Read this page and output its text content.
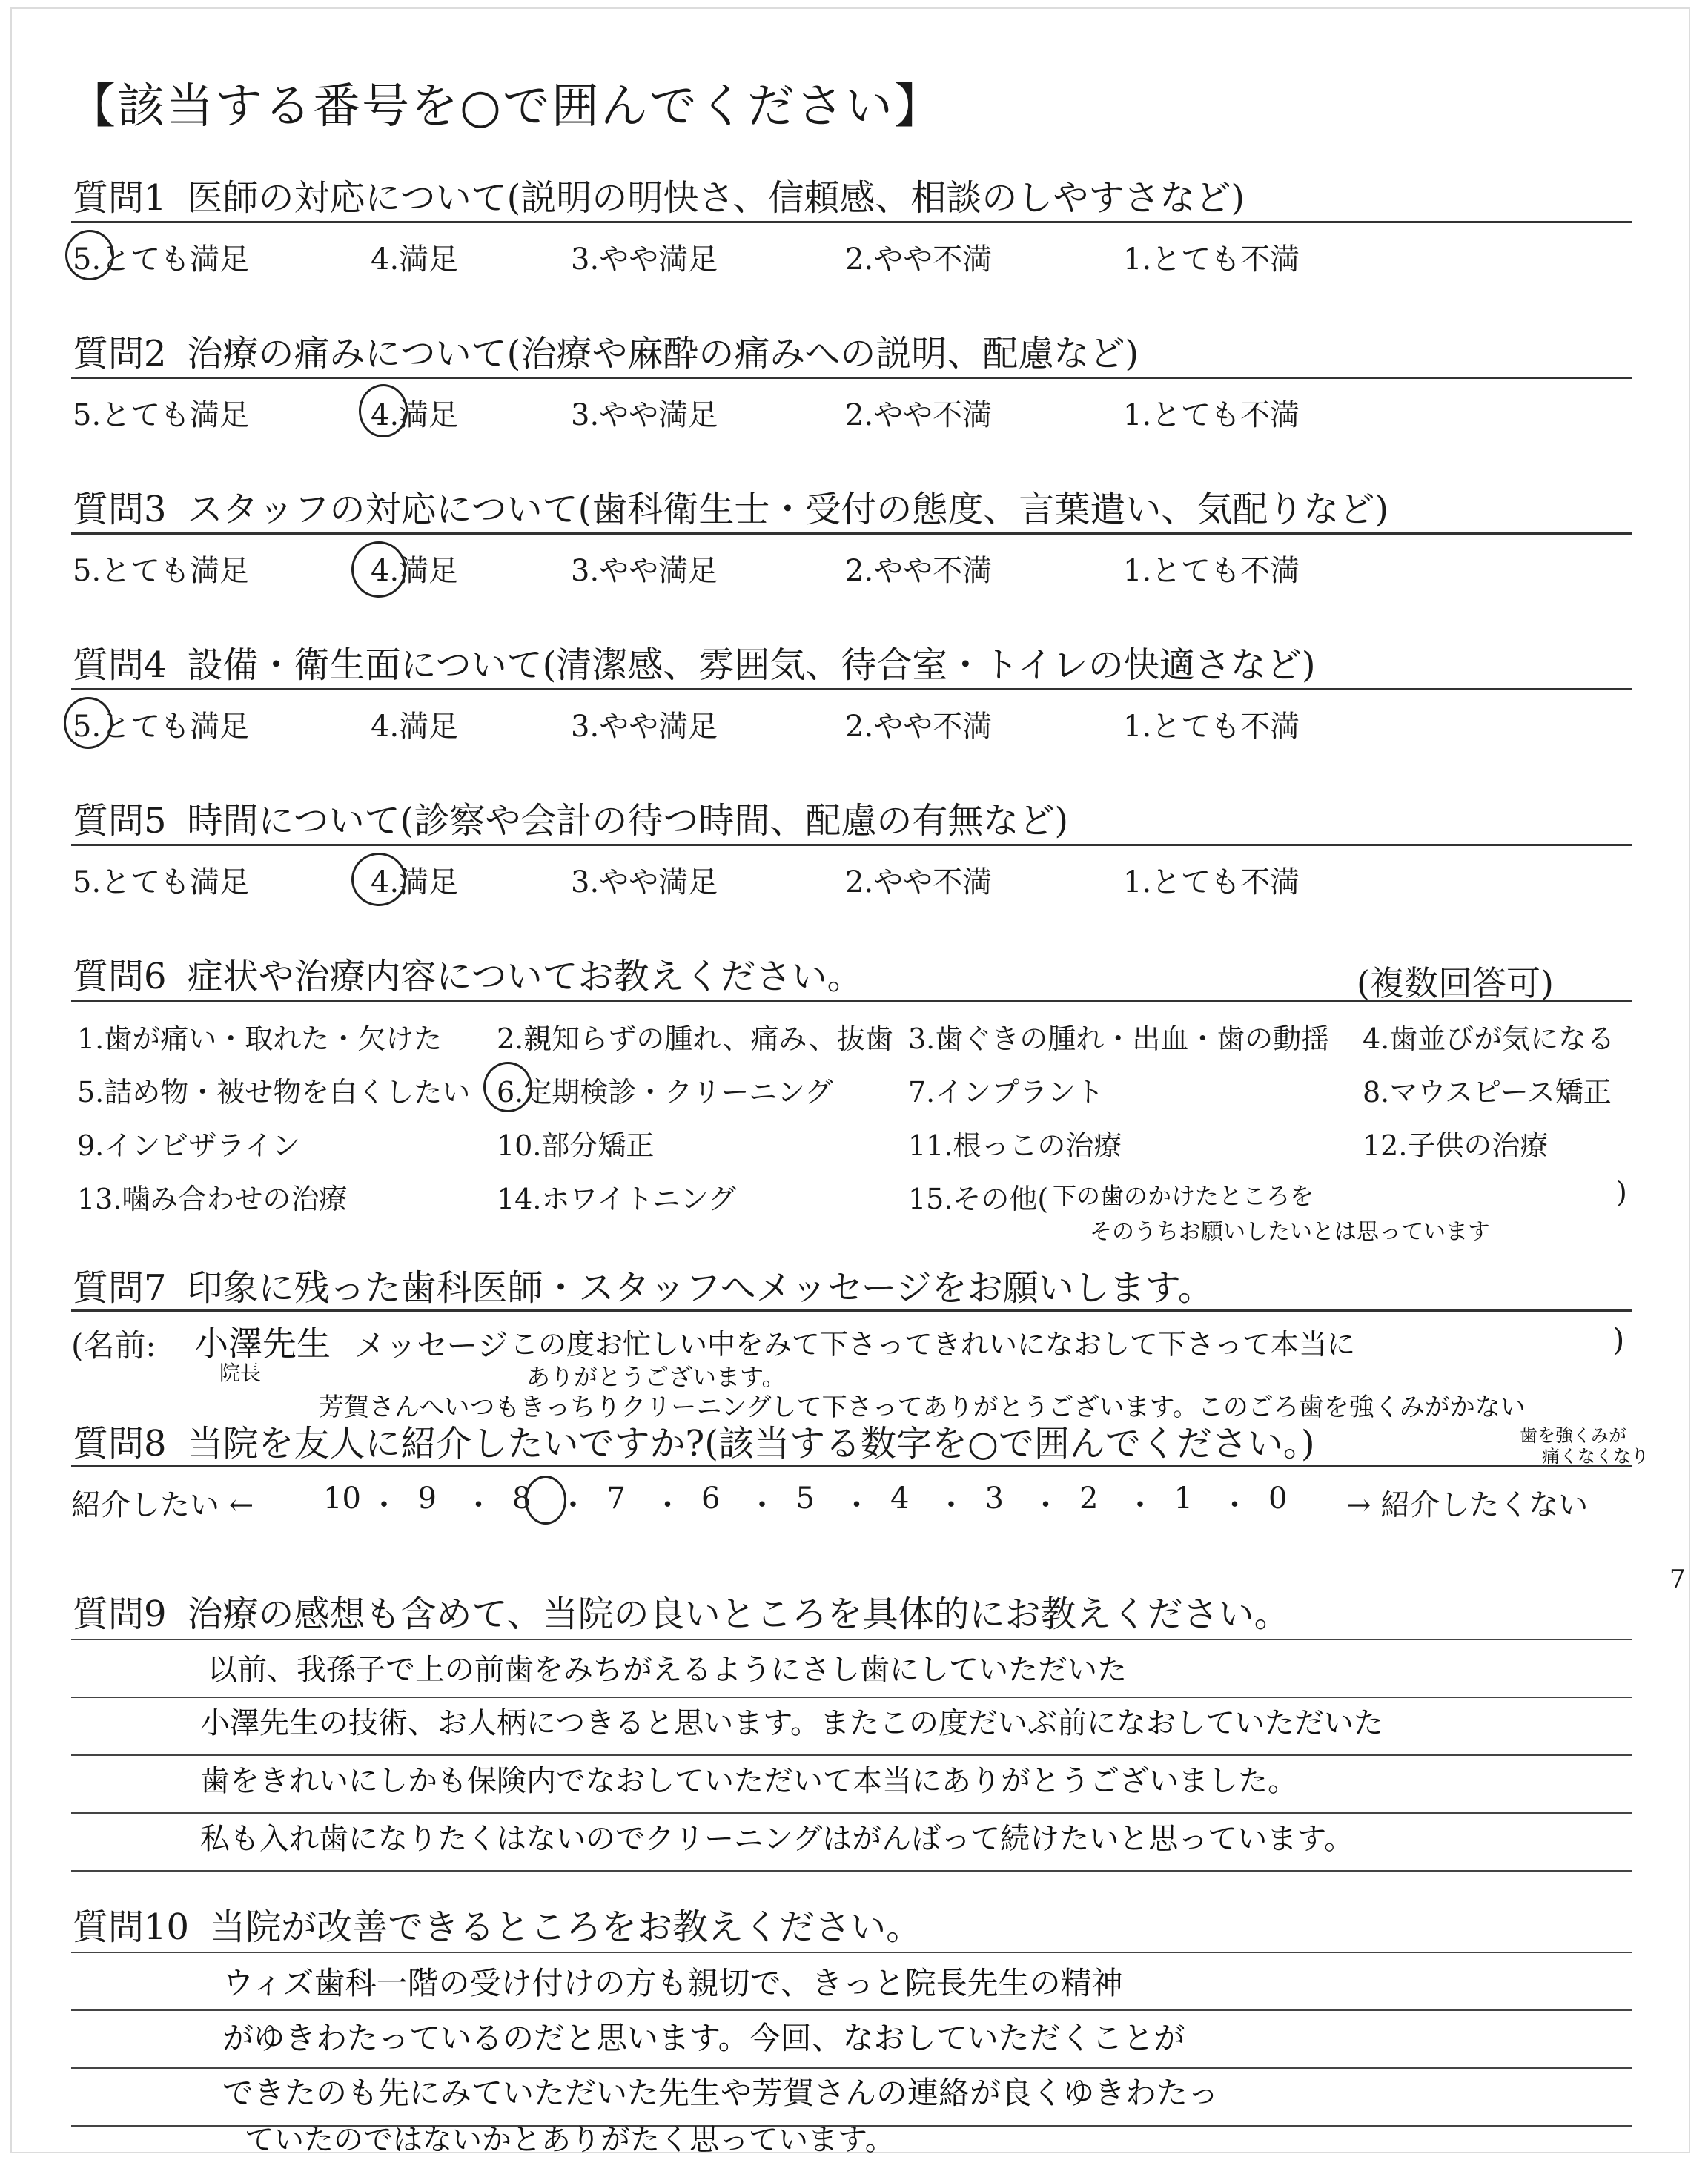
【該当する番号を○で囲んでください】
質問1 医師の対応について(説明の明快さ、信頼感、相談のしやすさなど)
5.とても満足	4.満足	3.やや満足	2.やや不満	1.とても不満
質問2 治療の痛みについて(治療や麻酔の痛みへの説明、配慮など)
5.とても満足	4.満足	3.やや満足	2.やや不満	1.とても不満
質問3 スタッフの対応について(歯科衛生士・受付の態度、言葉遣い、気配りなど)
5.とても満足	4.満足	3.やや満足	2.やや不満	1.とても不満
質問4 設備・衛生面について(清潔感、雰囲気、待合室・トイレの快適さなど)
5.とても満足	4.満足	3.やや満足	2.やや不満	1.とても不満
質問5 時間について(診察や会計の待つ時間、配慮の有無など)
5.とても満足	4.満足	3.やや満足	2.やや不満	1.とても不満
質問6 症状や治療内容についてお教えください。	(複数回答可)
1.歯が痛い・取れた・欠けた 2.親知らずの腫れ、痛み、抜歯 3.歯ぐきの腫れ・出血・歯の動揺 4.歯並びが気になる
5.詰め物・被せ物を白くしたい 6.定期検診・クリーニング	7.インプラント	8.マウスピース矯正
9.インビザライン	10.部分矯正	11.根っこの治療	12.子供の治療
13.噛み合わせの治療	14.ホワイトニング	15.その他(	)
下の歯のかけたところを
そのうちお願いしたいとは思っています
質問7 印象に残った歯科医師・スタッフへメッセージをお願いします。
(名前: 小澤先生
院長
メッセージ この度お忙しい中をみて下さってきれいになおして下さって本当に	)
ありがとうございます。
芳賀さんへいつもきっちりクリーニングして下さってありがとうございます。このごろ歯を強くみがかない
歯を強くみが
痛くなくなり
質問8 当院を友人に紹介したいですか?(該当する数字を○で囲んでください。)
紹介したい ←	→ 紹介したくない
10 ・ 9 ・ 8 ・ 7 ・ 6 ・ 5 ・ 4 ・ 3 ・ 2 ・ 1 ・ 0
7
質問9 治療の感想も含めて、当院の良いところを具体的にお教えください。
以前、我孫子で上の前歯をみちがえるようにさし歯にしていただいた
小澤先生の技術、お人柄につきると思います。またこの度だいぶ前になおしていただいた
歯をきれいにしかも保険内でなおしていただいて本当にありがとうございました。
私も入れ歯になりたくはないのでクリーニングはがんばって続けたいと思っています。
質問10 当院が改善できるところをお教えください。
ウィズ歯科一階の受け付けの方も親切で、きっと院長先生の精神
がゆきわたっているのだと思います。今回、なおしていただくことが
できたのも先にみていただいた先生や芳賀さんの連絡が良くゆきわたっ
ていたのではないかとありがたく思っています。
